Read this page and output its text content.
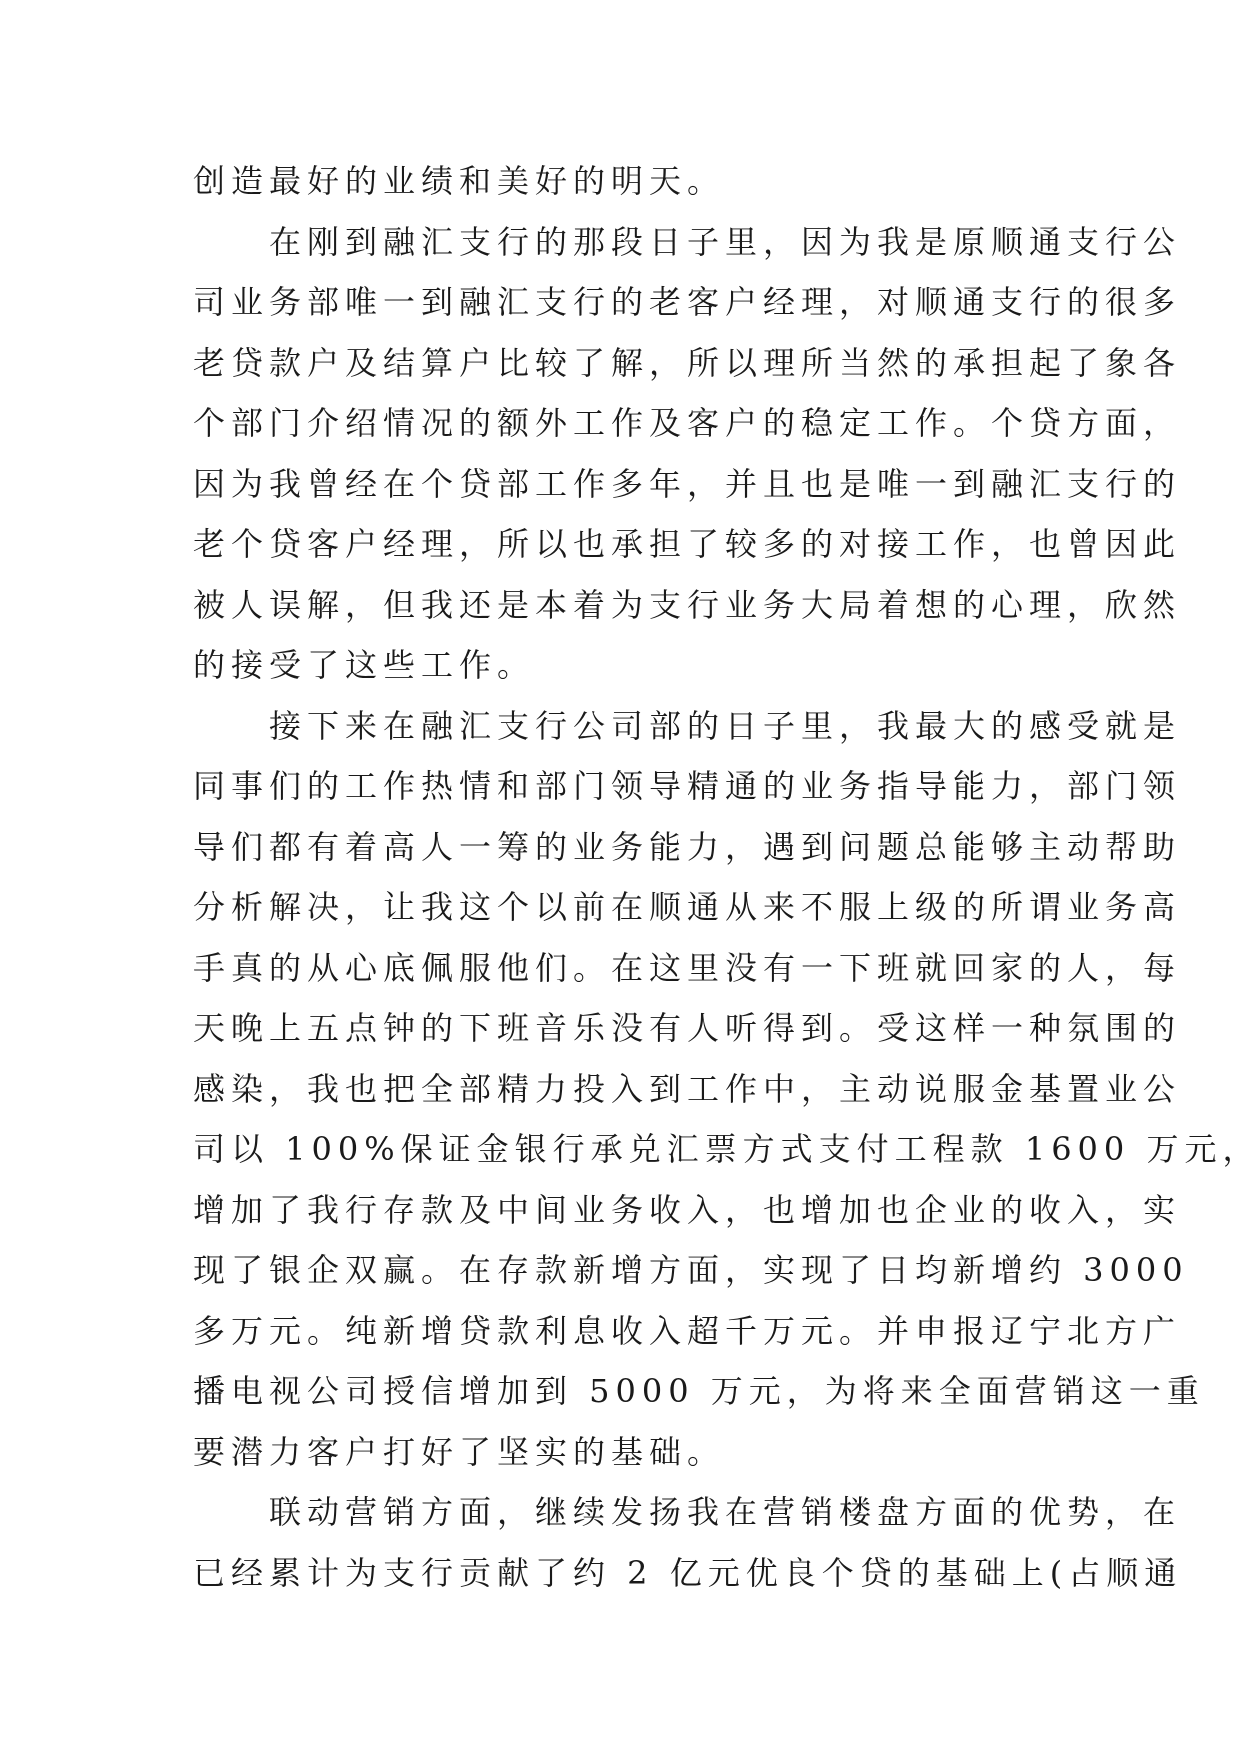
创造最好的业绩和美好的明天。
　　在刚到融汇支行的那段日子里，因为我是原顺通支行公
司业务部唯一到融汇支行的老客户经理，对顺通支行的很多
老贷款户及结算户比较了解，所以理所当然的承担起了象各
个部门介绍情况的额外工作及客户的稳定工作。个贷方面，
因为我曾经在个贷部工作多年，并且也是唯一到融汇支行的
老个贷客户经理，所以也承担了较多的对接工作，也曾因此
被人误解，但我还是本着为支行业务大局着想的心理，欣然
的接受了这些工作。
　　接下来在融汇支行公司部的日子里，我最大的感受就是
同事们的工作热情和部门领导精通的业务指导能力，部门领
导们都有着高人一筹的业务能力，遇到问题总能够主动帮助
分析解决，让我这个以前在顺通从来不服上级的所谓业务高
手真的从心底佩服他们。在这里没有一下班就回家的人，每
天晚上五点钟的下班音乐没有人听得到。受这样一种氛围的
感染，我也把全部精力投入到工作中，主动说服金基置业公
司以 100%保证金银行承兑汇票方式支付工程款 1600 万元，
增加了我行存款及中间业务收入，也增加也企业的收入，实
现了银企双赢。在存款新增方面，实现了日均新增约 3000
多万元。纯新增贷款利息收入超千万元。并申报辽宁北方广
播电视公司授信增加到 5000 万元，为将来全面营销这一重
要潜力客户打好了坚实的基础。
　　联动营销方面，继续发扬我在营销楼盘方面的优势，在
已经累计为支行贡献了约 2 亿元优良个贷的基础上(占顺通
